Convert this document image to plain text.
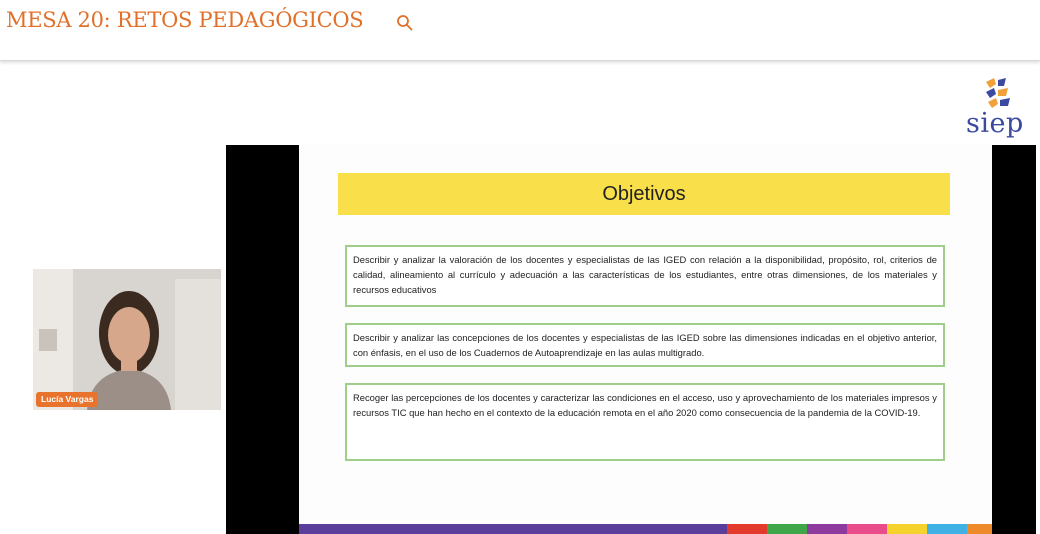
MESA 20: RETOS PEDAGÓGICOS
siep
Objetivos
Describir y analizar la valoración de los docentes y especialistas de las IGED con relación a la disponibilidad, propósito, rol, criterios de calidad, alineamiento al currículo y adecuación a las características de los estudiantes, entre otras dimensiones, de los materiales y recursos educativos
Describir y analizar las concepciones de los docentes y especialistas de las IGED sobre las dimensiones indicadas en el objetivo anterior, con énfasis, en el uso de los Cuadernos de Autoaprendizaje en las aulas multigrado.
Recoger las percepciones de los docentes y caracterizar las condiciones en el acceso, uso y aprovechamiento de los materiales impresos y recursos TIC que han hecho en el contexto de la educación remota en el año 2020 como consecuencia de la pandemia de la COVID-19.
Lucía Vargas
